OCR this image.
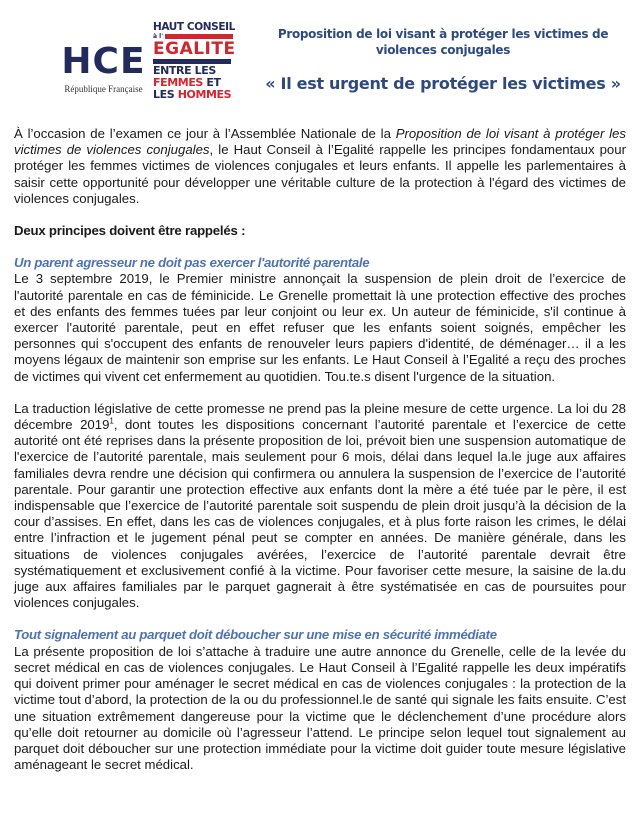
HCE
République Française
HAUT CONSEIL
à l'
EGALITE
ENTRE LES
FEMMES ET
LES HOMMES
Proposition de loi visant à protéger les victimes de violences conjugales
« Il est urgent de protéger les victimes »

À l’occasion de l’examen ce jour à l’Assemblée Nationale de la Proposition de loi visant à protéger les victimes de violences conjugales, le Haut Conseil à l’Egalité rappelle les principes fondamentaux pour protéger les femmes victimes de violences conjugales et leurs enfants. Il appelle les parlementaires à saisir cette opportunité pour développer une véritable culture de la protection à l'égard des victimes de violences conjugales.

Deux principes doivent être rappelés :

Un parent agresseur ne doit pas exercer l'autorité parentale

Le 3 septembre 2019, le Premier ministre annonçait la suspension de plein droit de l’exercice de l'autorité parentale en cas de féminicide. Le Grenelle promettait là une protection effective des proches et des enfants des femmes tuées par leur conjoint ou leur ex. Un auteur de féminicide, s'il continue à exercer l'autorité parentale, peut en effet refuser que les enfants soient soignés, empêcher les personnes qui s'occupent des enfants de renouveler leurs papiers d'identité, de déménager… il a les moyens légaux de maintenir son emprise sur les enfants. Le Haut Conseil à l’Egalité a reçu des proches de victimes qui vivent cet enfermement au quotidien. Tou.te.s disent l'urgence de la situation.

La traduction législative de cette promesse ne prend pas la pleine mesure de cette urgence. La loi du 28 décembre 2019$^1$, dont toutes les dispositions concernant l’autorité parentale et l’exercice de cette autorité ont été reprises dans la présente proposition de loi, prévoit bien une suspension automatique de l'exercice de l’autorité parentale, mais seulement pour 6 mois, délai dans lequel la.le juge aux affaires familiales devra rendre une décision qui confirmera ou annulera la suspension de l’exercice de l’autorité parentale. Pour garantir une protection effective aux enfants dont la mère a été tuée par le père, il est indispensable que l’exercice de l’autorité parentale soit suspendu de plein droit jusqu’à la décision de la cour d’assises. En effet, dans les cas de violences conjugales, et à plus forte raison les crimes, le délai entre l’infraction et le jugement pénal peut se compter en années. De manière générale, dans les situations de violences conjugales avérées, l’exercice de l’autorité parentale devrait être systématiquement et exclusivement confié à la victime. Pour favoriser cette mesure, la saisine de la.du juge aux affaires familiales par le parquet gagnerait à être systématisée en cas de poursuites pour violences conjugales.

Tout signalement au parquet doit déboucher sur une mise en sécurité immédiate

La présente proposition de loi s’attache à traduire une autre annonce du Grenelle, celle de la levée du secret médical en cas de violences conjugales. Le Haut Conseil à l’Egalité rappelle les deux impératifs qui doivent primer pour aménager le secret médical en cas de violences conjugales : la protection de la victime tout d’abord, la protection de la ou du professionnel.le de santé qui signale les faits ensuite. C’est une situation extrêmement dangereuse pour la victime que le déclenchement d’une procédure alors qu’elle doit retourner au domicile où l’agresseur l’attend. Le principe selon lequel tout signalement au parquet doit déboucher sur une protection immédiate pour la victime doit guider toute mesure législative aménageant le secret médical.
